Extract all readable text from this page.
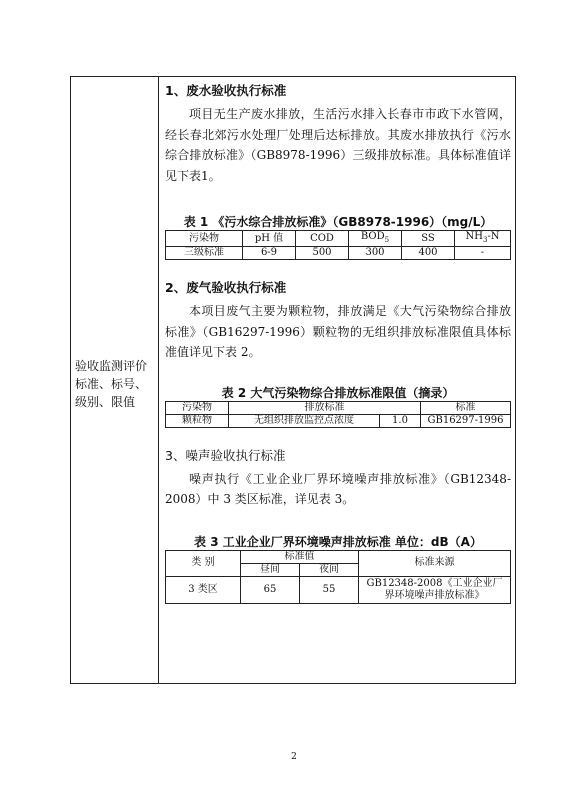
验收监测评价标准、标号、级别、限值

1、废水验收执行标准

项目无生产废水排放，生活污水排入长春市市政下水管网，经长春北郊污水处理厂处理后达标排放。其废水排放执行《污水综合排放标准》（GB8978-1996）三级排放标准。具体标准值详见下表1。

表 1 《污水综合排放标准》（GB8978-1996）（mg/L）

污染物	pH 值	COD	$BOD_5$	SS	$NH_3-N$
三级标准	6-9	500	300	400	-

2、废气验收执行标准

本项目废气主要为颗粒物，排放满足《大气污染物综合排放标准》（GB16297-1996）颗粒物的无组织排放标准限值具体标准值详见下表 2。

表 2 大气污染物综合排放标准限值（摘录）

污染物	排放标准		标准
颗粒物	无组织排放监控点浓度	1.0	GB16297-1996

3、噪声验收执行标准

噪声执行《工业企业厂界环境噪声排放标准》（GB12348-2008）中 3 类区标准，详见表 3。

表 3 工业企业厂界环境噪声排放标准 单位：dB（A）

类 别	标准值		标准来源
	昼间	夜间	
3 类区	65	55	GB12348-2008《工业企业厂界环境噪声排放标准》
2
